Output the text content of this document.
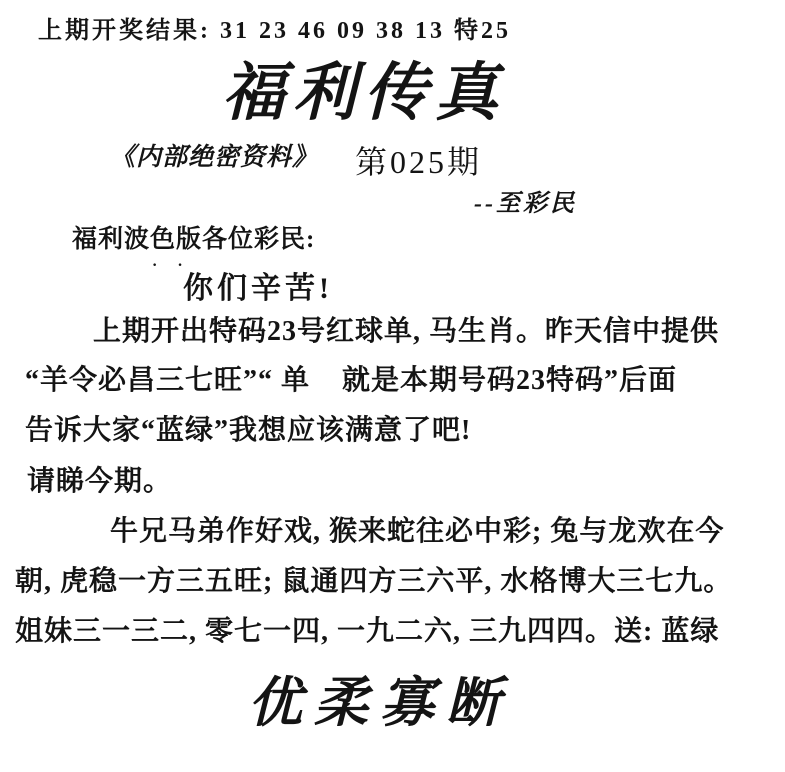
上期开奖结果: 31 23 46 09 38 13 特25
福利传真
《内部绝密资料》 第025期
--至彩民
福利波色版各位彩民:
· ·
你们辛苦!
上期开出特码23号红球单, 马生肖。昨天信中提供
“羊令必昌三七旺”“ 单    就是本期号码23特码”后面
告诉大家“蓝绿”我想应该满意了吧!
请睇今期。
牛兄马弟作好戏, 猴来蛇往必中彩; 兔与龙欢在今
朝, 虎稳一方三五旺; 鼠通四方三六平, 水格博大三七九。
姐妹三一三二, 零七一四, 一九二六, 三九四四。送: 蓝绿
优柔寡断
